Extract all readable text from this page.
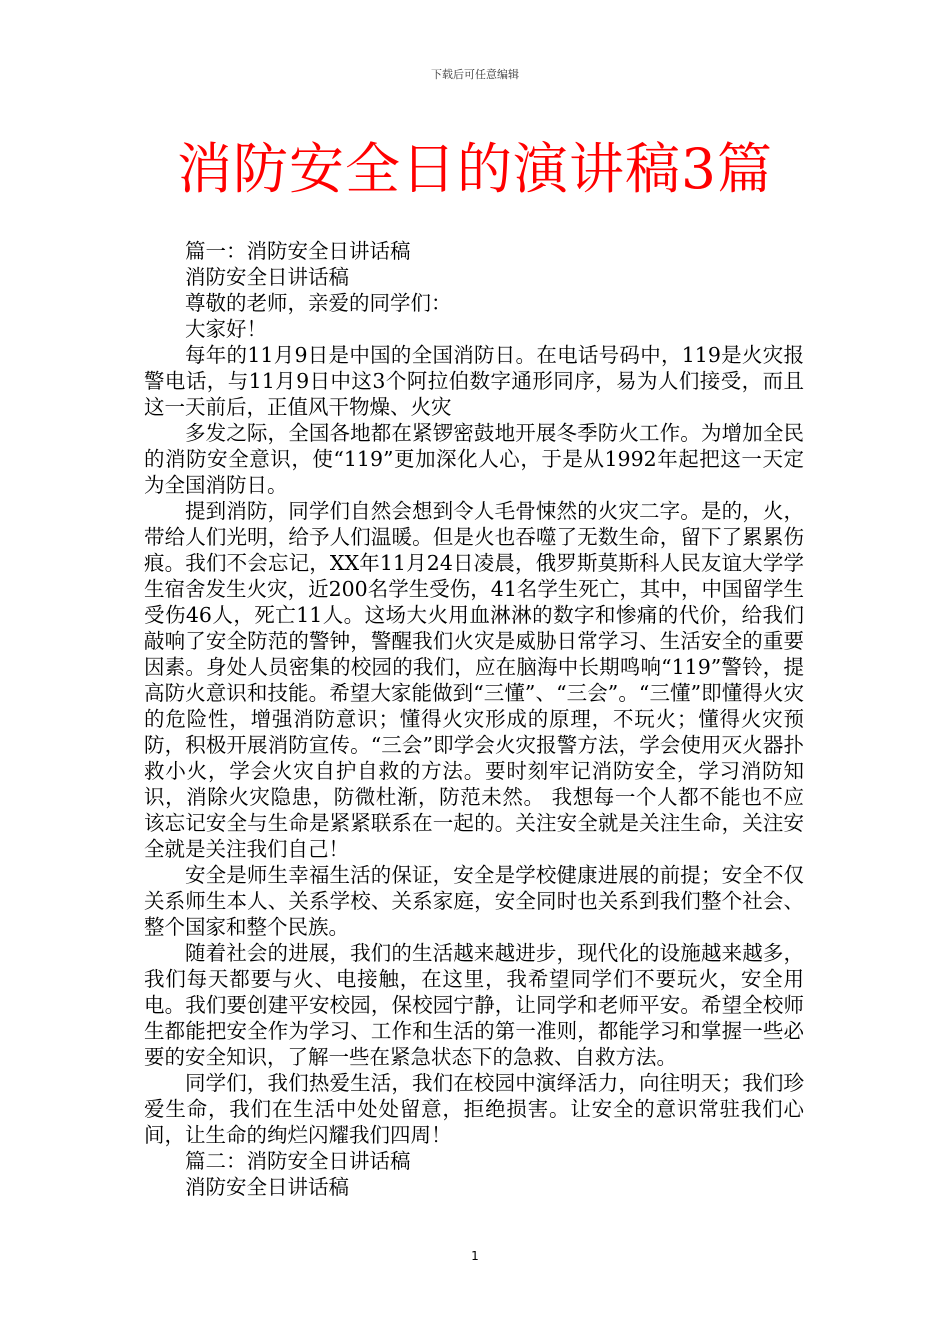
下载后可任意编辑
消防安全日的演讲稿3篇

篇一：消防安全日讲话稿

消防安全日讲话稿

尊敬的老师，亲爱的同学们：

大家好！

每年的11月9日是中国的全国消防日。在电话号码中，119是火灾报警电话，与11月9日中这3个阿拉伯数字通形同序，易为人们接受，而且这一天前后，正值风干物燥、火灾

多发之际，全国各地都在紧锣密鼓地开展冬季防火工作。为增加全民的消防安全意识，使“119”更加深化人心，于是从1992年起把这一天定为全国消防日。

提到消防，同学们自然会想到令人毛骨悚然的火灾二字。是的，火，带给人们光明，给予人们温暖。但是火也吞噬了无数生命，留下了累累伤痕。我们不会忘记，XX年11月24日凌晨，俄罗斯莫斯科人民友谊大学学生宿舍发生火灾，近200名学生受伤，41名学生死亡，其中，中国留学生受伤46人，死亡11人。这场大火用血淋淋的数字和惨痛的代价，给我们敲响了安全防范的警钟，警醒我们火灾是威胁日常学习、生活安全的重要因素。身处人员密集的校园的我们，应在脑海中长期鸣响“119”警铃，提高防火意识和技能。希望大家能做到“三懂”、“三会”。“三懂”即懂得火灾的危险性，增强消防意识；懂得火灾形成的原理，不玩火；懂得火灾预防，积极开展消防宣传。“三会”即学会火灾报警方法，学会使用灭火器扑救小火，学会火灾自护自救的方法。要时刻牢记消防安全，学习消防知识，消除火灾隐患，防微杜渐，防范未然。 我想每一个人都不能也不应该忘记安全与生命是紧紧联系在一起的。关注安全就是关注生命，关注安全就是关注我们自己！

安全是师生幸福生活的保证，安全是学校健康进展的前提；安全不仅关系师生本人、关系学校、关系家庭，安全同时也关系到我们整个社会、整个国家和整个民族。

随着社会的进展，我们的生活越来越进步，现代化的设施越来越多，我们每天都要与火、电接触，在这里，我希望同学们不要玩火，安全用电。我们要创建平安校园，保校园宁静，让同学和老师平安。希望全校师生都能把安全作为学习、工作和生活的第一准则，都能学习和掌握一些必要的安全知识，了解一些在紧急状态下的急救、自救方法。

同学们，我们热爱生活，我们在校园中演绎活力，向往明天；我们珍爱生命，我们在生活中处处留意，拒绝损害。让安全的意识常驻我们心间，让生命的绚烂闪耀我们四周！

篇二：消防安全日讲话稿

消防安全日讲话稿

1
